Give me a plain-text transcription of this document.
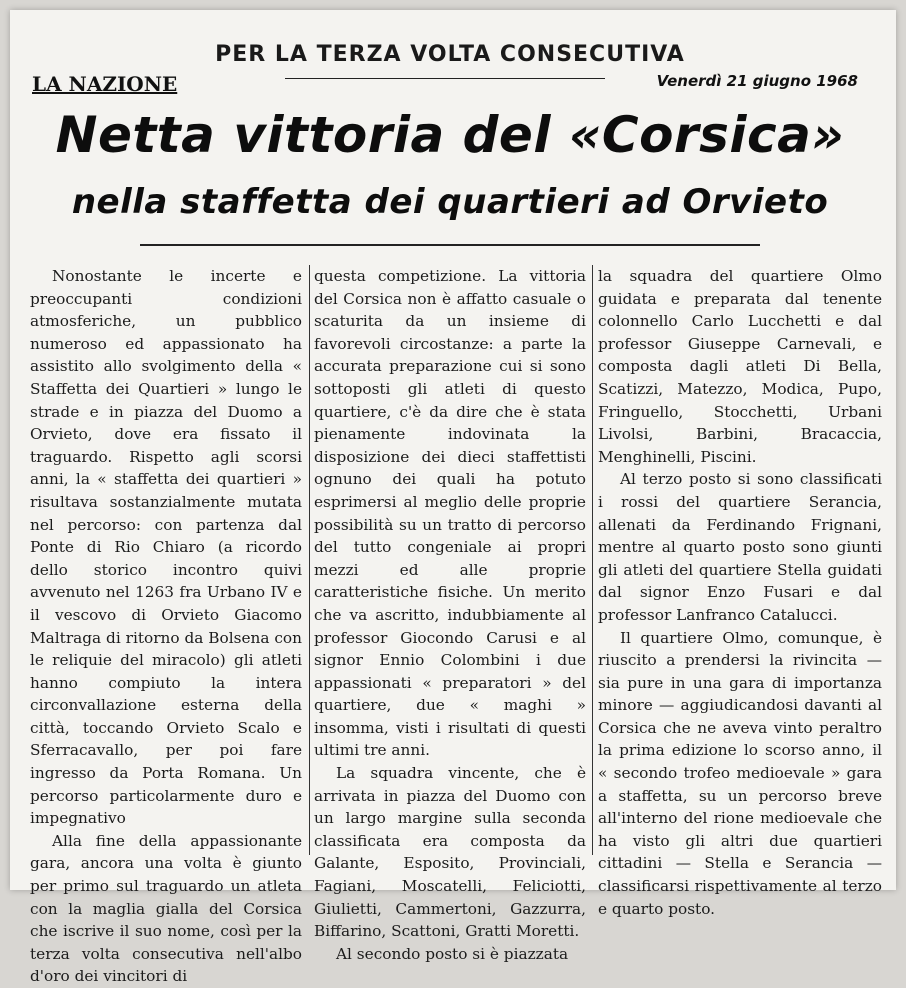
PER LA TERZA VOLTA CONSECUTIVA
LA NAZIONE	Venerdì 21 giugno 1968
Netta vittoria del «Corsica»
nella staffetta dei quartieri ad Orvieto

Nonostante le incerte e preoccupanti condizioni atmosferiche, un pubblico numeroso ed appassionato ha assistito allo svolgimento della « Staffetta dei Quartieri » lungo le strade e in piazza del Duomo a Orvieto, dove era fissato il traguardo. Rispetto agli scorsi anni, la « staffetta dei quartieri » risultava sostanzialmente mutata nel percorso: con partenza dal Ponte di Rio Chiaro (a ricordo dello storico incontro quivi avvenuto nel 1263 fra Urbano IV e il vescovo di Orvieto Giacomo Maltraga di ritorno da Bolsena con le reliquie del miracolo) gli atleti hanno compiuto la intera circonvallazione esterna della città, toccando Orvieto Scalo e Sferracavallo, per poi fare ingresso da Porta Romana. Un percorso particolarmente duro e impegnativo

Alla fine della appassionante gara, ancora una volta è giunto per primo sul traguardo un atleta con la maglia gialla del Corsica che iscrive il suo nome, così per la terza volta consecutiva nell'albo d'oro dei vincitori di

questa competizione. La vittoria del Corsica non è affatto casuale o scaturita da un insieme di favorevoli circostanze: a parte la accurata preparazione cui si sono sottoposti gli atleti di questo quartiere, c'è da dire che è stata pienamente indovinata la disposizione dei dieci staffettisti ognuno dei quali ha potuto esprimersi al meglio delle proprie possibilità su un tratto di percorso del tutto congeniale ai propri mezzi ed alle proprie caratteristiche fisiche. Un merito che va ascritto, indubbiamente al professor Giocondo Carusi e al signor Ennio Colombini i due appassionati « preparatori » del quartiere, due « maghi » insomma, visti i risultati di questi ultimi tre anni.

La squadra vincente, che è arrivata in piazza del Duomo con un largo margine sulla seconda classificata era composta da Galante, Esposito, Provinciali, Fagiani, Moscatelli, Feliciotti, Giulietti, Cammertoni, Gazzurra, Biffarino, Scattoni, Gratti Moretti.

Al secondo posto si è piazzata

la squadra del quartiere Olmo guidata e preparata dal tenente colonnello Carlo Lucchetti e dal professor Giuseppe Carnevali, e composta dagli atleti Di Bella, Scatizzi, Matezzo, Modica, Pupo, Fringuello, Stocchetti, Urbani Livolsi, Barbini, Bracaccia, Menghinelli, Piscini.

Al terzo posto si sono classificati i rossi del quartiere Serancia, allenati da Ferdinando Frignani, mentre al quarto posto sono giunti gli atleti del quartiere Stella guidati dal signor Enzo Fusari e dal professor Lanfranco Catalucci.

Il quartiere Olmo, comunque, è riuscito a prendersi la rivincita — sia pure in una gara di importanza minore — aggiudicandosi davanti al Corsica che ne aveva vinto peraltro la prima edizione lo scorso anno, il « secondo trofeo medioevale » gara a staffetta, su un percorso breve all'interno del rione medioevale che ha visto gli altri due quartieri cittadini — Stella e Serancia — classificarsi rispettivamente al terzo e quarto posto.
